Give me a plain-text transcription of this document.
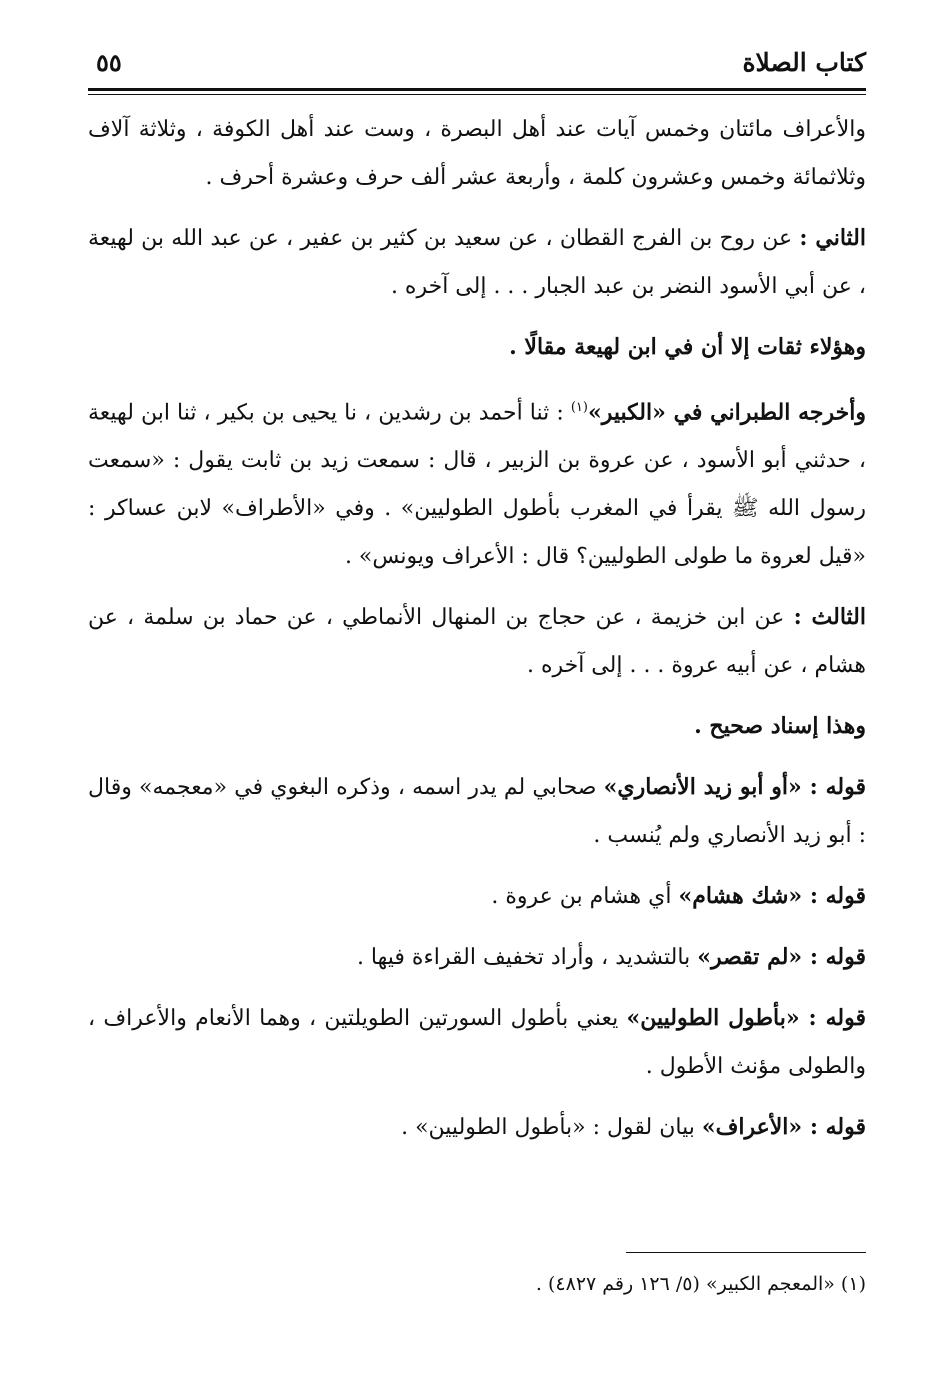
كتاب الصلاة
٥٥

والأعراف مائتان وخمس آيات عند أهل البصرة ، وست عند أهل الكوفة ، وثلاثة آلاف وثلاثمائة وخمس وعشرون كلمة ، وأربعة عشر ألف حرف وعشرة أحرف .

الثاني : عن روح بن الفرج القطان ، عن سعيد بن كثير بن عفير ، عن عبد الله بن لهيعة ، عن أبي الأسود النضر بن عبد الجبار . . . إلى آخره .

وهؤلاء ثقات إلا أن في ابن لهيعة مقالًا .

وأخرجه الطبراني في «الكبير»$^{(١)}$ : ثنا أحمد بن رشدين ، نا يحيى بن بكير ، ثنا ابن لهيعة ، حدثني أبو الأسود ، عن عروة بن الزبير ، قال : سمعت زيد بن ثابت يقول : «سمعت رسول الله ﷺ يقرأ في المغرب بأطول الطوليين» . وفي «الأطراف» لابن عساكر : «قيل لعروة ما طولى الطوليين؟ قال : الأعراف ويونس» .

الثالث : عن ابن خزيمة ، عن حجاج بن المنهال الأنماطي ، عن حماد بن سلمة ، عن هشام ، عن أبيه عروة . . . إلى آخره .

وهذا إسناد صحيح .

قوله : «أو أبو زيد الأنصاري» صحابي لم يدر اسمه ، وذكره البغوي في «معجمه» وقال : أبو زيد الأنصاري ولم يُنسب .

قوله : «شك هشام» أي هشام بن عروة .

قوله : «لم تقصر» بالتشديد ، وأراد تخفيف القراءة فيها .

قوله : «بأطول الطوليين» يعني بأطول السورتين الطويلتين ، وهما الأنعام والأعراف ، والطولى مؤنث الأطول .

قوله : «الأعراف» بيان لقول : «بأطول الطوليين» .

(١) «المعجم الكبير» (٥/ ١٢٦ رقم ٤٨٢٧) .
